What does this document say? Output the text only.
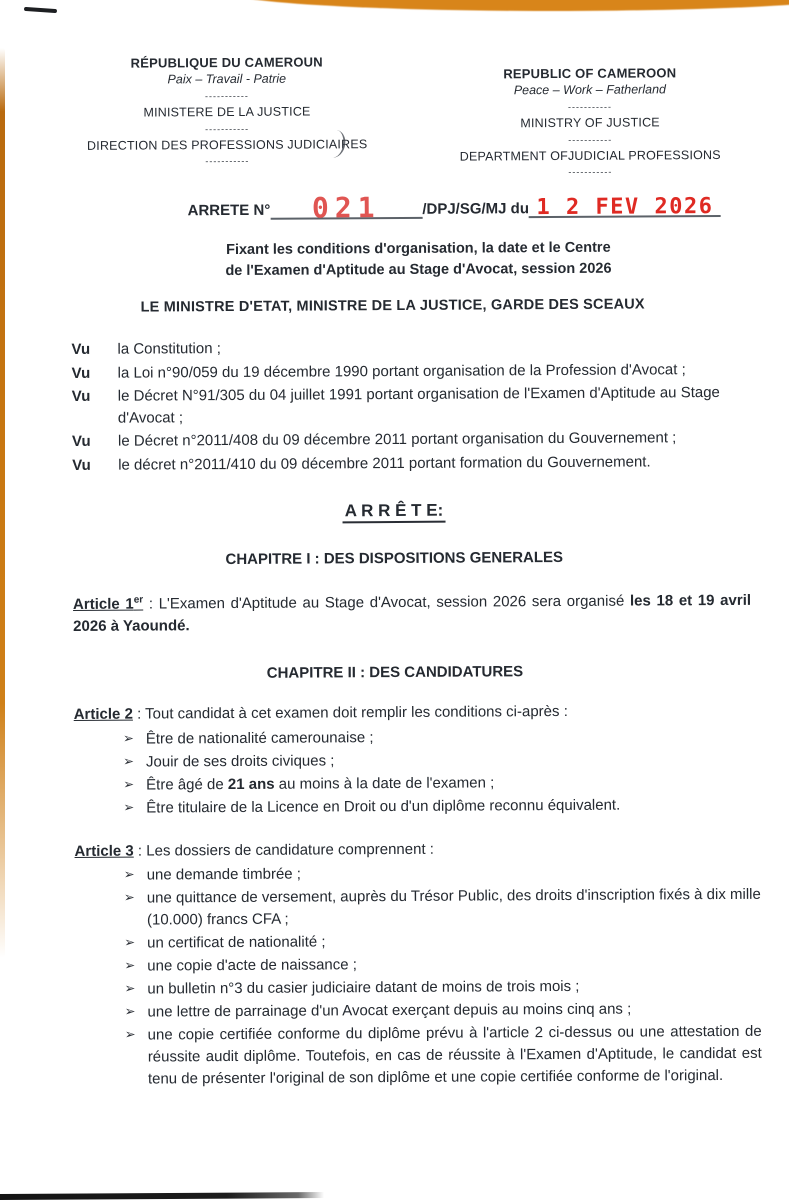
RÉPUBLIQUE DU CAMEROUN
Paix – Travail - Patrie
-----------
MINISTERE DE LA JUSTICE
-----------
DIRECTION DES PROFESSIONS JUDICIAIRES
-----------
REPUBLIC OF CAMEROON
Peace – Work – Fatherland
-----------
MINISTRY OF JUSTICE
-----------
DEPARTMENT OFJUDICIAL PROFESSIONS
-----------
ARRETE N° 021	/DPJ/SG/MJ du 1 2 FEV 2026
Fixant les conditions d'organisation, la date et le Centre
de l'Examen d'Aptitude au Stage d'Avocat, session 2026
LE MINISTRE D'ETAT, MINISTRE DE LA JUSTICE, GARDE DES SCEAUX
Vu	la Constitution ;
Vu	la Loi n°90/059 du 19 décembre 1990 portant organisation de la Profession d'Avocat ;
Vu	le Décret N°91/305 du 04 juillet 1991 portant organisation de l'Examen d'Aptitude au Stage d'Avocat ;
Vu	le Décret n°2011/408 du 09 décembre 2011 portant organisation du Gouvernement ;
Vu	le décret n°2011/410 du 09 décembre 2011 portant formation du Gouvernement.
A R R Ê T E:
CHAPITRE I : DES DISPOSITIONS GENERALES

Article 1er : L'Examen d'Aptitude au Stage d'Avocat, session 2026 sera organisé les 18 et 19 avril 2026 à Yaoundé.

CHAPITRE II : DES CANDIDATURES

Article 2 : Tout candidat à cet examen doit remplir les conditions ci-après :

➢ Être de nationalité camerounaise ;
➢ Jouir de ses droits civiques ;
➢ Être âgé de 21 ans au moins à la date de l'examen ;
➢ Être titulaire de la Licence en Droit ou d'un diplôme reconnu équivalent.

Article 3 : Les dossiers de candidature comprennent :

➢ une demande timbrée ;
➢ une quittance de versement, auprès du Trésor Public, des droits d'inscription fixés à dix mille (10.000) francs CFA ;
➢ un certificat de nationalité ;
➢ une copie d'acte de naissance ;
➢ un bulletin n°3 du casier judiciaire datant de moins de trois mois ;
➢ une lettre de parrainage d'un Avocat exerçant depuis au moins cinq ans ;
➢ une copie certifiée conforme du diplôme prévu à l'article 2 ci-dessus ou une attestation de réussite audit diplôme. Toutefois, en cas de réussite à l'Examen d'Aptitude, le candidat est tenu de présenter l'original de son diplôme et une copie certifiée conforme de l'original.
